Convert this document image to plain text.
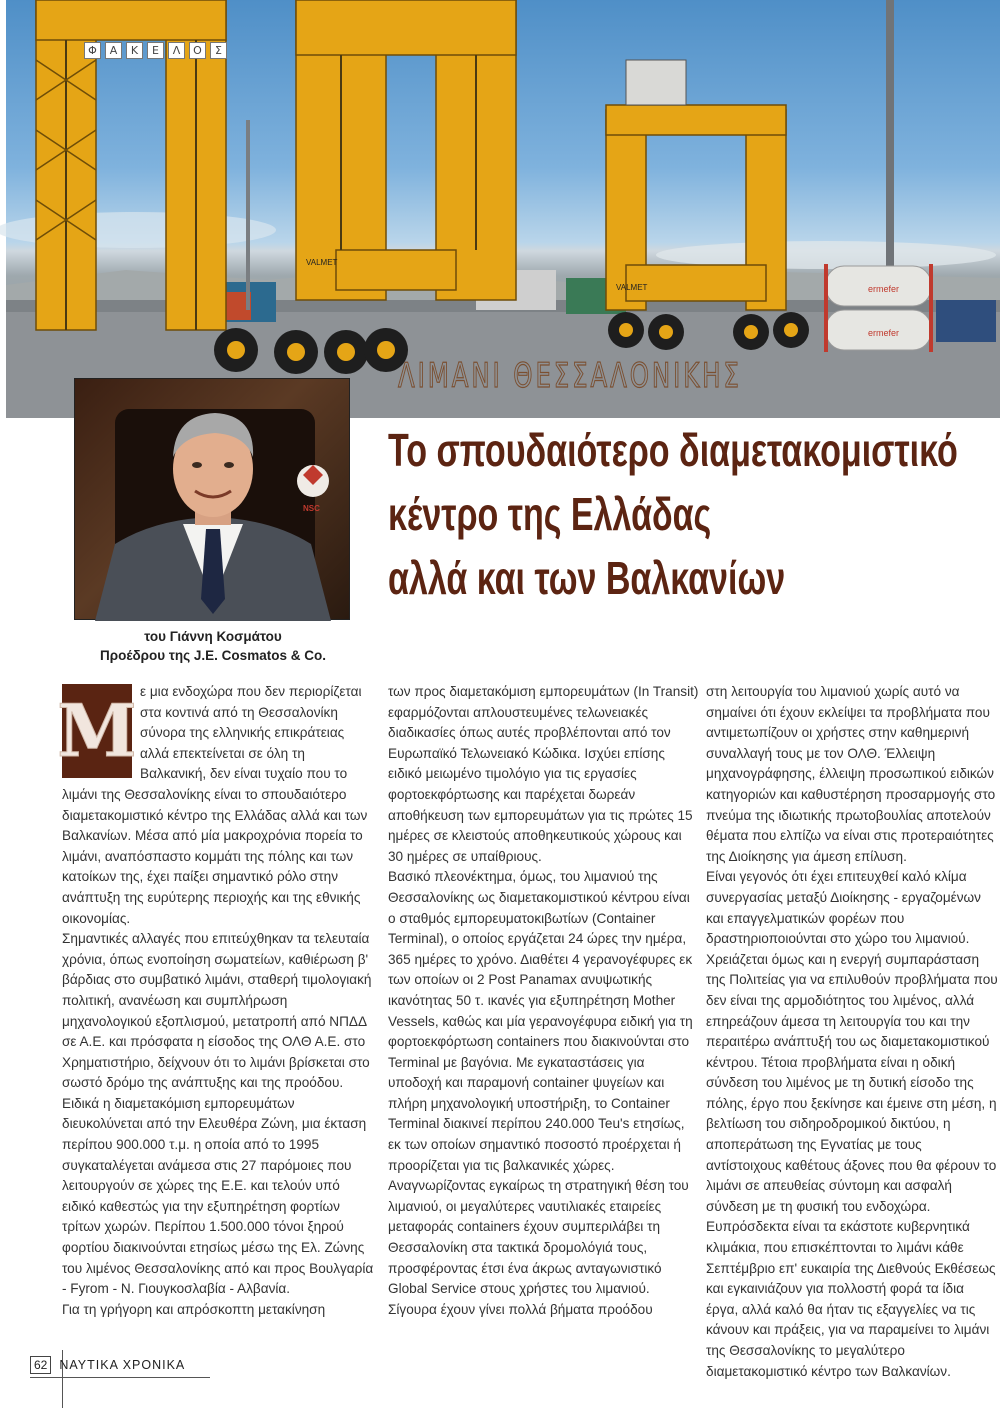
ermefer
ermefer
VALMET
VALMET
Φ	Α	Κ	Ε	Λ	Ο	Σ
ΛΙΜΑΝΙ ΘΕΣΣΑΛΟΝΙΚΗΣ
NSC
του Γιάννη Κοσμάτου
Προέδρου της J.E. Cosmatos & Co.
Το σπουδαιότερο διαμετακομιστικό
κέντρο της Ελλάδας
αλλά και των Βαλκανίων
Μ ε μια ενδοχώρα που δεν περιορίζεται στα κοντινά από τη Θεσσαλονίκη σύνορα της ελληνικής επικράτειας αλλά επεκτείνεται σε όλη τη Βαλκανική, δεν είναι τυχαίο που το λιμάνι της Θεσσαλονίκης είναι το σπουδαιότερο διαμετακομιστικό κέντρο της Ελλάδας αλλά και των Βαλκανίων. Μέσα από μία μακροχρόνια πορεία το λιμάνι, αναπόσπαστο κομμάτι της πόλης και των κατοίκων της, έχει παίξει σημαντικό ρόλο στην ανάπτυξη της ευρύτερης περιοχής και της εθνικής οικονομίας.
Σημαντικές αλλαγές που επιτεύχθηκαν τα τελευταία χρόνια, όπως ενοποίηση σωματείων, καθιέρωση β' βάρδιας στο συμβατικό λιμάνι, σταθερή τιμολογιακή πολιτική, ανανέωση και συμπλήρωση μηχανολογικού εξοπλισμού, μετατροπή από ΝΠΔΔ σε Α.Ε. και πρόσφατα η είσοδος της ΟΛΘ Α.Ε. στο Χρηματιστήριο, δείχνουν ότι το λιμάνι βρίσκεται στο σωστό δρόμο της ανάπτυξης και της προόδου.
Ειδικά η διαμετακόμιση εμπορευμάτων διευκολύνεται από την Ελευθέρα Ζώνη, μια έκταση περίπου 900.000 τ.μ. η οποία από το 1995 συγκαταλέγεται ανάμεσα στις 27 παρόμοιες που λειτουργούν σε χώρες της Ε.Ε. και τελούν υπό ειδικό καθεστώς για την εξυπηρέτηση φορτίων τρίτων χωρών. Περίπου 1.500.000 τόνοι ξηρού φορτίου διακινούνται ετησίως μέσω της Ελ. Ζώνης του λιμένος Θεσσαλονίκης από και προς Βουλγαρία - Fyrom - Ν. Γιουγκοσλαβία - Αλβανία.
Για τη γρήγορη και απρόσκοπτη μετακίνηση

των προς διαμετακόμιση εμπορευμάτων (In Transit) εφαρμόζονται απλουστευμένες τελωνειακές διαδικασίες όπως αυτές προβλέπονται από τον Ευρωπαϊκό Τελωνειακό Κώδικα. Ισχύει επίσης ειδικό μειωμένο τιμολόγιο για τις εργασίες φορτοεκφόρτωσης και παρέχεται δωρεάν αποθήκευση των εμπορευμάτων για τις πρώτες 15 ημέρες σε κλειστούς αποθηκευτικούς χώρους και 30 ημέρες σε υπαίθριους.
Βασικό πλεονέκτημα, όμως, του λιμανιού της Θεσσαλονίκης ως διαμετακομιστικού κέντρου είναι ο σταθμός εμπορευματοκιβωτίων (Container Terminal), ο οποίος εργάζεται 24 ώρες την ημέρα, 365 ημέρες το χρόνο. Διαθέτει 4 γερανογέφυρες εκ των οποίων οι 2 Post Panamax ανυψωτικής ικανότητας 50 τ. ικανές για εξυπηρέτηση Mother Vessels, καθώς και μία γερανογέφυρα ειδική για τη φορτοεκφόρτωση containers που διακινούνται στο Terminal με βαγόνια. Με εγκαταστάσεις για υποδοχή και παραμονή container ψυγείων και πλήρη μηχανολογική υποστήριξη, το Container Terminal διακινεί περίπου 240.000 Teu's ετησίως, εκ των οποίων σημαντικό ποσοστό προέρχεται ή προορίζεται για τις βαλκανικές χώρες.
Αναγνωρίζοντας εγκαίρως τη στρατηγική θέση του λιμανιού, οι μεγαλύτερες ναυτιλιακές εταιρείες μεταφοράς containers έχουν συμπεριλάβει τη Θεσσαλονίκη στα τακτικά δρομολόγιά τους, προσφέροντας έτσι ένα άκρως ανταγωνιστικό Global Service στους χρήστες του λιμανιού.
Σίγουρα έχουν γίνει πολλά βήματα προόδου

στη λειτουργία του λιμανιού χωρίς αυτό να σημαίνει ότι έχουν εκλείψει τα προβλήματα που αντιμετωπίζουν οι χρήστες στην καθημερινή συναλλαγή τους με τον ΟΛΘ. Έλλειψη μηχανογράφησης, έλλειψη προσωπικού ειδικών κατηγοριών και καθυστέρηση προσαρμογής στο πνεύμα της ιδιωτικής πρωτοβουλίας αποτελούν θέματα που ελπίζω να είναι στις προτεραιότητες της Διοίκησης για άμεση επίλυση.
Είναι γεγονός ότι έχει επιτευχθεί καλό κλίμα συνεργασίας μεταξύ Διοίκησης - εργαζομένων και επαγγελματικών φορέων που δραστηριοποιούνται στο χώρο του λιμανιού. Χρειάζεται όμως και η ενεργή συμπαράσταση της Πολιτείας για να επιλυθούν προβλήματα που δεν είναι της αρμοδιότητος του λιμένος, αλλά επηρεάζουν άμεσα τη λειτουργία του και την περαιτέρω ανάπτυξή του ως διαμετακομιστικού κέντρου. Τέτοια προβλήματα είναι η οδική σύνδεση του λιμένος με τη δυτική είσοδο της πόλης, έργο που ξεκίνησε και έμεινε στη μέση, η βελτίωση του σιδηροδρομικού δικτύου, η αποπεράτωση της Εγνατίας με τους αντίστοιχους καθέτους άξονες που θα φέρουν το λιμάνι σε απευθείας σύντομη και ασφαλή σύνδεση με τη φυσική του ενδοχώρα.
Ευπρόσδεκτα είναι τα εκάστοτε κυβερνητικά κλιμάκια, που επισκέπτονται το λιμάνι κάθε Σεπτέμβριο επ' ευκαιρία της Διεθνούς Εκθέσεως και εγκαινιάζουν για πολλοστή φορά τα ίδια έργα, αλλά καλό θα ήταν τις εξαγγελίες να τις κάνουν και πράξεις, για να παραμείνει το λιμάνι της Θεσσαλονίκης το μεγαλύτερο διαμετακομιστικό κέντρο των Βαλκανίων.

62 ΝΑΥΤΙΚΑ ΧΡΟΝΙΚΑ
